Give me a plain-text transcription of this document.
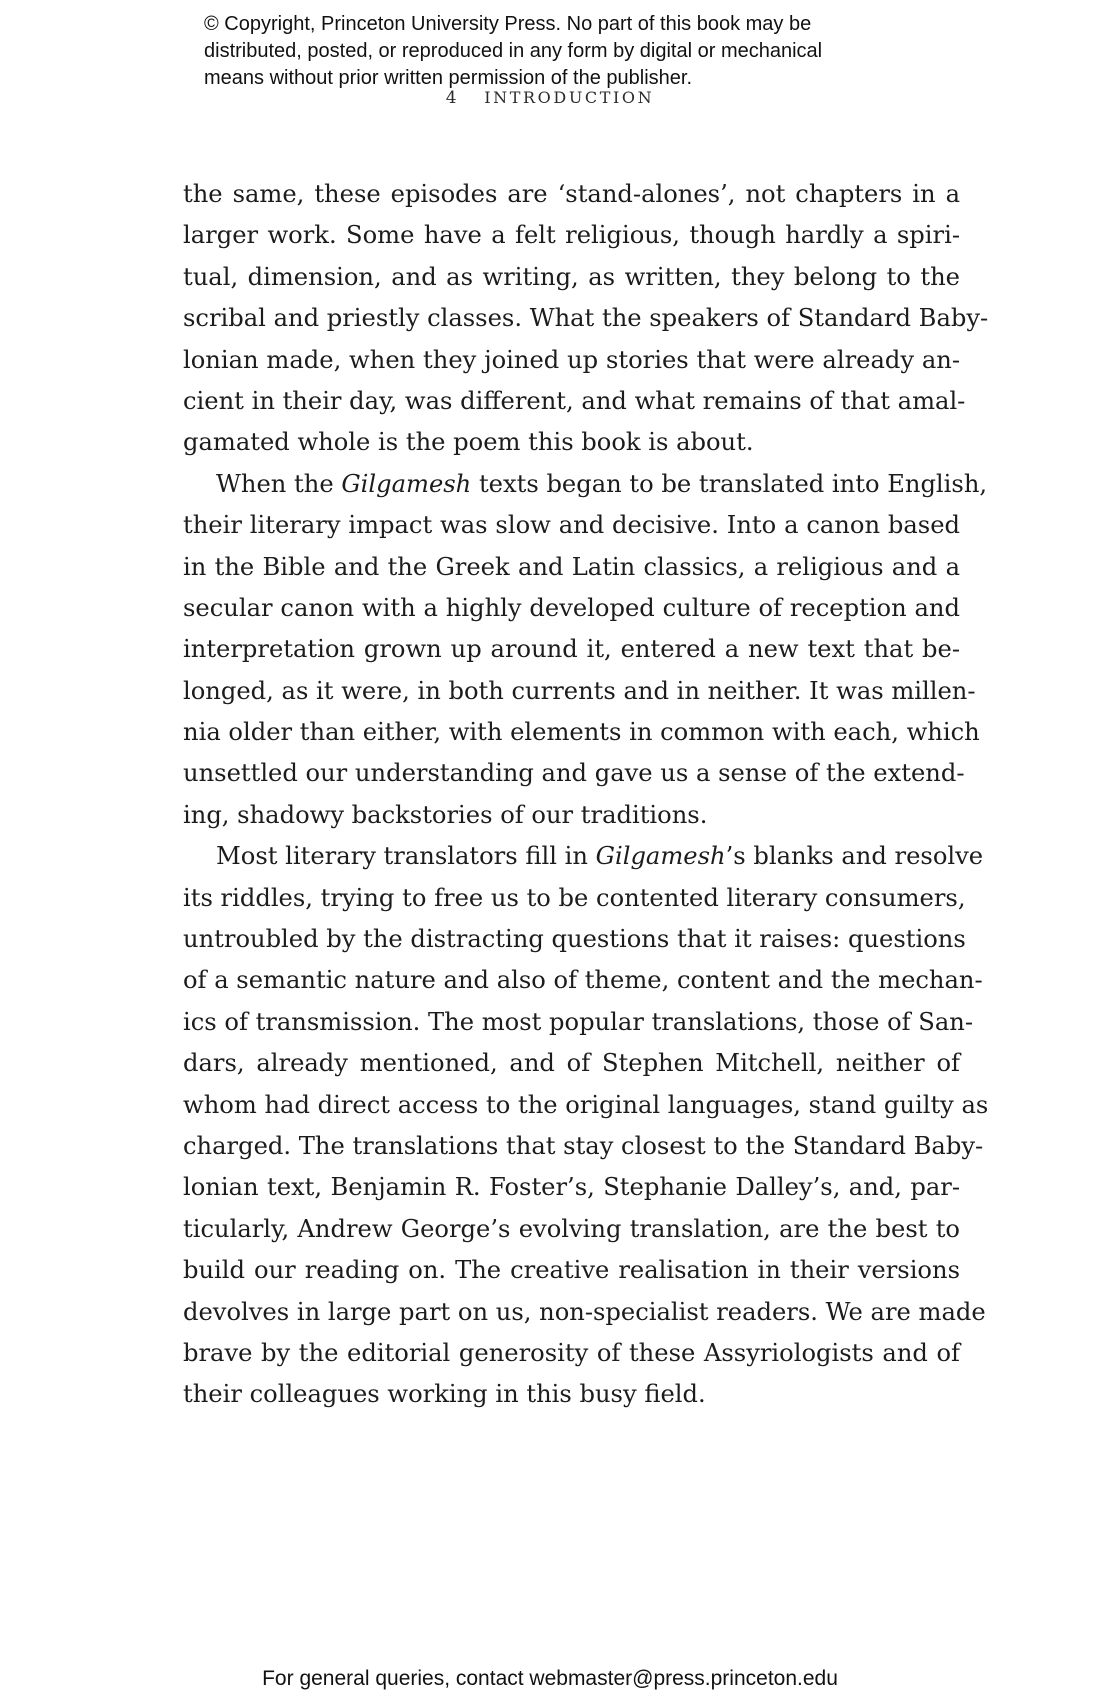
© Copyright, Princeton University Press. No part of this book may be
distributed, posted, or reproduced in any form by digital or mechanical
means without prior written permission of the publisher.
4 INTRODUCTION
the same, these episodes are ‘stand-alones’, not chapters in a
larger work. Some have a felt religious, though hardly a spiri-
tual, dimension, and as writing, as written, they belong to the
scribal and priestly classes. What the speakers of Standard Baby-
lonian made, when they joined up stories that were already an-
cient in their day, was different, and what remains of that amal-
gamated whole is the poem this book is about.
When the Gilgamesh texts began to be translated into English,
their literary impact was slow and decisive. Into a canon based
in the Bible and the Greek and Latin classics, a religious and a
secular canon with a highly developed culture of reception and
interpretation grown up around it, entered a new text that be-
longed, as it were, in both currents and in neither. It was millen-
nia older than either, with elements in common with each, which
unsettled our understanding and gave us a sense of the extend-
ing, shadowy backstories of our traditions.
Most literary translators fill in Gilgamesh’s blanks and resolve
its riddles, trying to free us to be contented literary consumers,
untroubled by the distracting questions that it raises: questions
of a semantic nature and also of theme, content and the mechan-
ics of transmission. The most popular translations, those of San-
dars, already mentioned, and of Stephen Mitchell, neither of
whom had direct access to the original languages, stand guilty as
charged. The translations that stay closest to the Standard Baby-
lonian text, Benjamin R. Foster’s, Stephanie Dalley’s, and, par-
ticularly, Andrew George’s evolving translation, are the best to
build our reading on. The creative realisation in their versions
devolves in large part on us, non-specialist readers. We are made
brave by the editorial generosity of these Assyriologists and of
their colleagues working in this busy field.
For general queries, contact webmaster@press.princeton.edu
